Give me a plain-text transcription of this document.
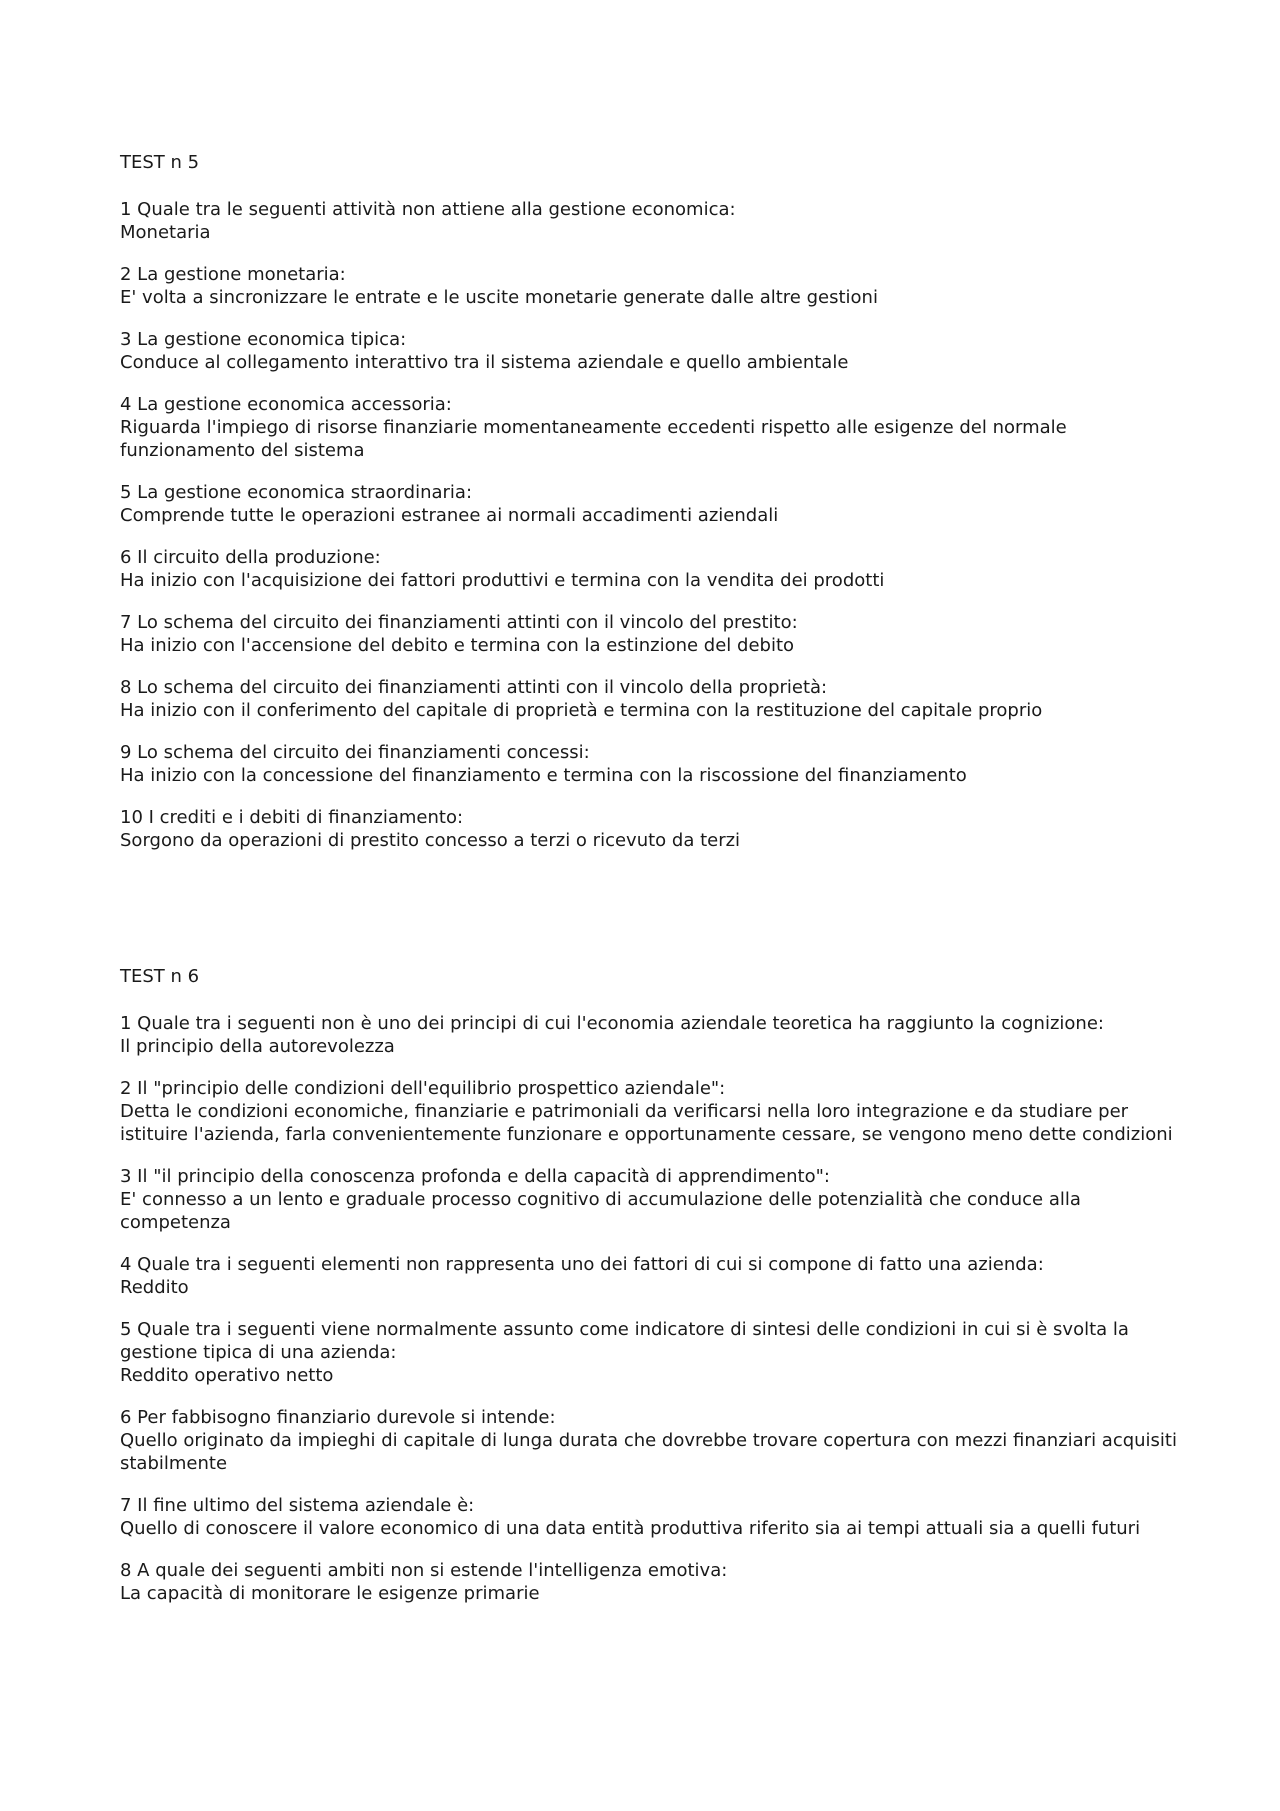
TEST n 5
1 Quale tra le seguenti attività non attiene alla gestione economica:
Monetaria
2 La gestione monetaria:
E' volta a sincronizzare le entrate e le uscite monetarie generate dalle altre gestioni
3 La gestione economica tipica:
Conduce al collegamento interattivo tra il sistema aziendale e quello ambientale
4 La gestione economica accessoria:
Riguarda l'impiego di risorse finanziarie momentaneamente eccedenti rispetto alle esigenze del normale funzionamento del sistema
5 La gestione economica straordinaria:
Comprende tutte le operazioni estranee ai normali accadimenti aziendali
6 Il circuito della produzione:
Ha inizio con l'acquisizione dei fattori produttivi e termina con la vendita dei prodotti
7 Lo schema del circuito dei finanziamenti attinti con il vincolo del prestito:
Ha inizio con l'accensione del debito e termina con la estinzione del debito
8 Lo schema del circuito dei finanziamenti attinti con il vincolo della proprietà:
Ha inizio con il conferimento del capitale di proprietà e termina con la restituzione del capitale proprio
9 Lo schema del circuito dei finanziamenti concessi:
Ha inizio con la concessione del finanziamento e termina con la riscossione del finanziamento
10 I crediti e i debiti di finanziamento:
Sorgono da operazioni di prestito concesso a terzi o ricevuto da terzi
TEST n 6
1 Quale tra i seguenti non è uno dei principi di cui l'economia aziendale teoretica ha raggiunto la cognizione:
Il principio della autorevolezza
2 Il "principio delle condizioni dell'equilibrio prospettico aziendale":
Detta le condizioni economiche, finanziarie e patrimoniali da verificarsi nella loro integrazione e da studiare per istituire l'azienda, farla convenientemente funzionare e opportunamente cessare, se vengono meno dette condizioni
3 Il "il principio della conoscenza profonda e della capacità di apprendimento":
E' connesso a un lento e graduale processo cognitivo di accumulazione delle potenzialità che conduce alla competenza
4 Quale tra i seguenti elementi non rappresenta uno dei fattori di cui si compone di fatto una azienda:
Reddito
5 Quale tra i seguenti viene normalmente assunto come indicatore di sintesi delle condizioni in cui si è svolta la gestione tipica di una azienda:
Reddito operativo netto
6 Per fabbisogno finanziario durevole si intende:
Quello originato da impieghi di capitale di lunga durata che dovrebbe trovare copertura con mezzi finanziari acquisiti stabilmente
7 Il fine ultimo del sistema aziendale è:
Quello di conoscere il valore economico di una data entità produttiva riferito sia ai tempi attuali sia a quelli futuri
8 A quale dei seguenti ambiti non si estende l'intelligenza emotiva:
La capacità di monitorare le esigenze primarie
